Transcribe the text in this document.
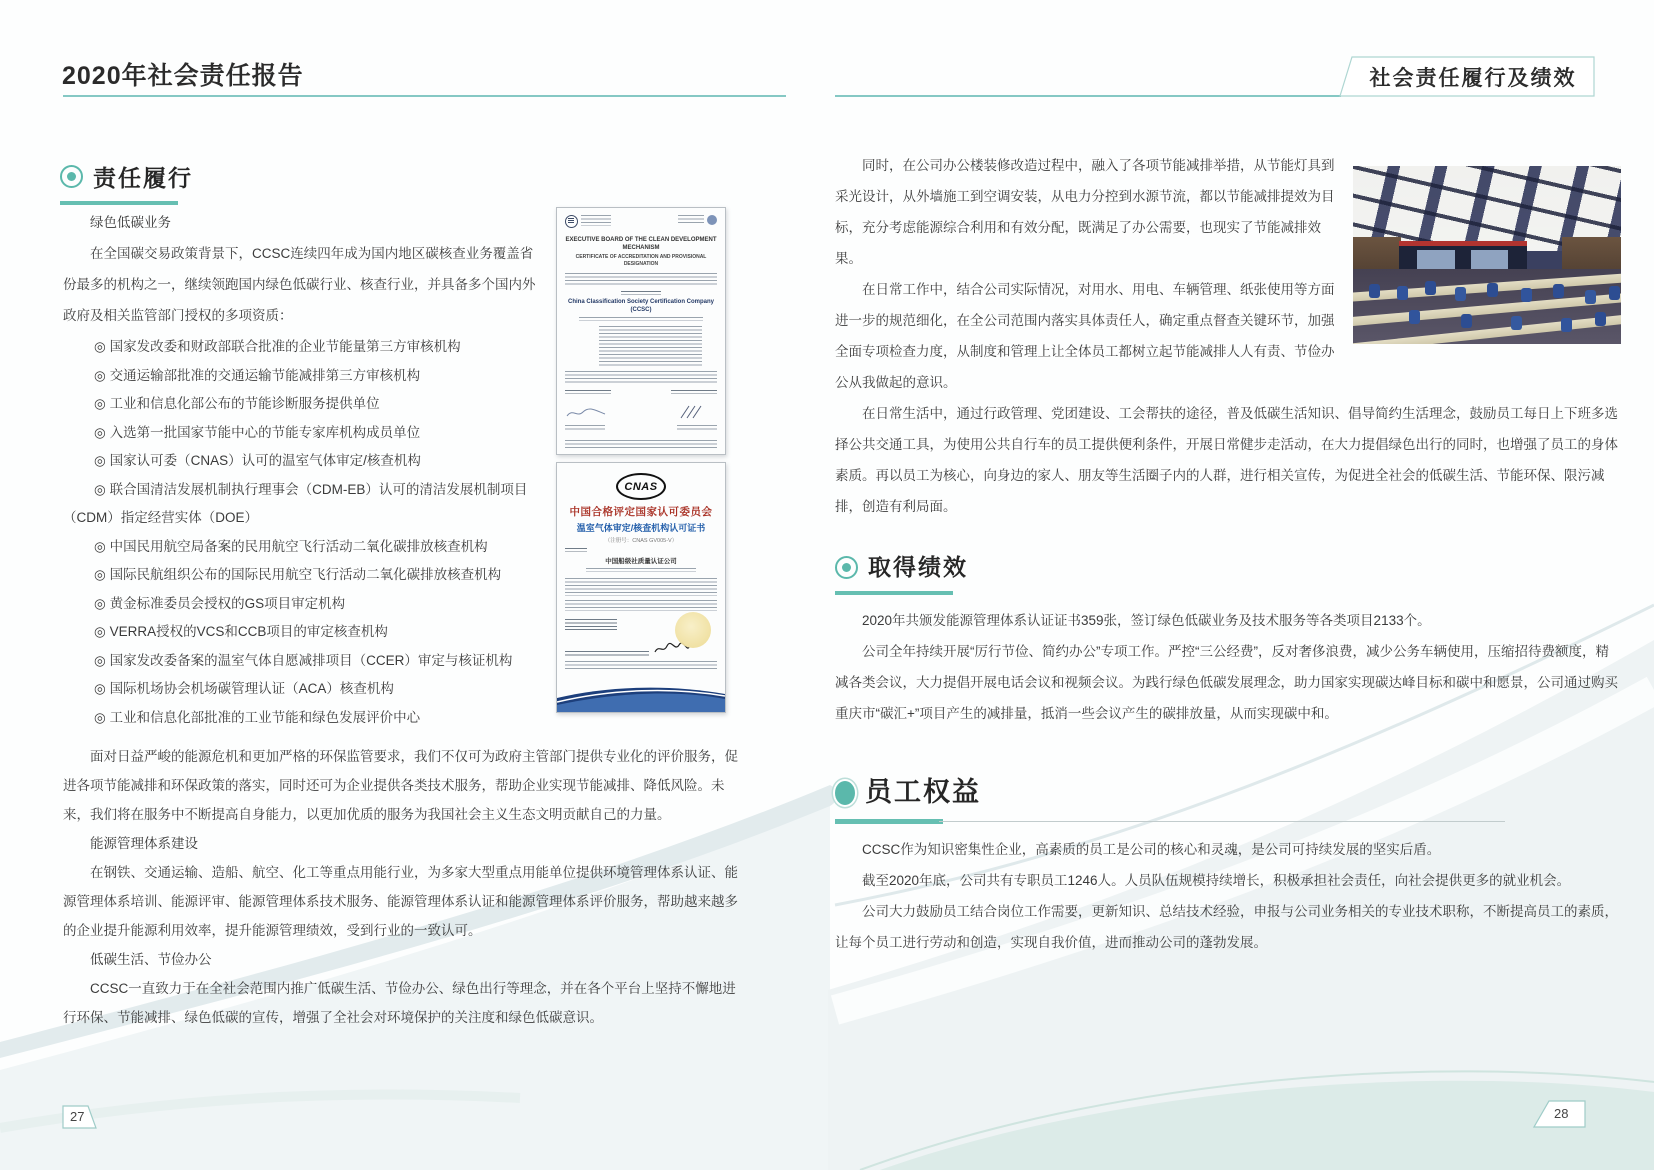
2020年社会责任报告
责任履行
绿色低碳业务

在全国碳交易政策背景下，CCSC连续四年成为国内地区碳核查业务覆盖省份最多的机构之一，继续领跑国内绿色低碳行业、核查行业，并具备多个国内外政府及相关监管部门授权的多项资质：

◎ 国家发改委和财政部联合批准的企业节能量第三方审核机构
◎ 交通运输部批准的交通运输节能减排第三方审核机构
◎ 工业和信息化部公布的节能诊断服务提供单位
◎ 入选第一批国家节能中心的节能专家库机构成员单位
◎ 国家认可委（CNAS）认可的温室气体审定/核查机构
◎ 联合国清洁发展机制执行理事会（CDM-EB）认可的清洁发展机制项目（CDM）指定经营实体（DOE）
◎ 中国民用航空局备案的民用航空飞行活动二氧化碳排放核查机构
◎ 国际民航组织公布的国际民用航空飞行活动二氧化碳排放核查机构
◎ 黄金标准委员会授权的GS项目审定机构
◎ VERRA授权的VCS和CCB项目的审定核查机构
◎ 国家发改委备案的温室气体自愿减排项目（CCER）审定与核证机构
◎ 国际机场协会机场碳管理认证（ACA）核查机构
◎ 工业和信息化部批准的工业节能和绿色发展评价中心

面对日益严峻的能源危机和更加严格的环保监管要求，我们不仅可为政府主管部门提供专业化的评价服务，促进各项节能减排和环保政策的落实，同时还可为企业提供各类技术服务，帮助企业实现节能减排、降低风险。未来，我们将在服务中不断提高自身能力，以更加优质的服务为我国社会主义生态文明贡献自己的力量。

能源管理体系建设

在钢铁、交通运输、造船、航空、化工等重点用能行业，为多家大型重点用能单位提供环境管理体系认证、能源管理体系培训、能源评审、能源管理体系技术服务、能源管理体系认证和能源管理体系评价服务，帮助越来越多的企业提升能源利用效率，提升能源管理绩效，受到行业的一致认可。

低碳生活、节俭办公

CCSC一直致力于在全社会范围内推广低碳生活、节俭办公、绿色出行等理念，并在各个平台上坚持不懈地进行环保、节能减排、绿色低碳的宣传，增强了全社会对环境保护的关注度和绿色低碳意识。

EXECUTIVE BOARD OF THE CLEAN DEVELOPMENT MECHANISM
CERTIFICATE OF ACCREDITATION AND PROVISIONAL DESIGNATION
China Classification Society Certification Company (CCSC)
CNAS
中国合格评定国家认可委员会
温室气体审定/核查机构认可证书
（注册号：CNAS GV005-V）
中国船级社质量认证公司
27
社会责任履行及绩效

同时，在公司办公楼装修改造过程中，融入了各项节能减排举措，从节能灯具到采光设计，从外墙施工到空调安装，从电力分控到水源节流，都以节能减排提效为目标，充分考虑能源综合利用和有效分配，既满足了办公需要，也现实了节能减排效果。

在日常工作中，结合公司实际情况，对用水、用电、车辆管理、纸张使用等方面进一步的规范细化，在全公司范围内落实具体责任人，确定重点督查关键环节，加强全面专项检查力度，从制度和管理上让全体员工都树立起节能减排人人有责、节俭办公从我做起的意识。

在日常生活中，通过行政管理、党团建设、工会帮扶的途径，普及低碳生活知识、倡导简约生活理念，鼓励员工每日上下班多选择公共交通工具，为使用公共自行车的员工提供便利条件，开展日常健步走活动，在大力提倡绿色出行的同时，也增强了员工的身体素质。再以员工为核心，向身边的家人、朋友等生活圈子内的人群，进行相关宣传，为促进全社会的低碳生活、节能环保、限污减排，创造有利局面。

取得绩效

2020年共颁发能源管理体系认证证书359张，签订绿色低碳业务及技术服务等各类项目2133个。

公司全年持续开展“厉行节俭、简约办公”专项工作。严控“三公经费”，反对奢侈浪费，减少公务车辆使用，压缩招待费额度，精减各类会议，大力提倡开展电话会议和视频会议。为践行绿色低碳发展理念，助力国家实现碳达峰目标和碳中和愿景，公司通过购买重庆市“碳汇+”项目产生的减排量，抵消一些会议产生的碳排放量，从而实现碳中和。

员工权益

CCSC作为知识密集性企业，高素质的员工是公司的核心和灵魂，是公司可持续发展的坚实后盾。

截至2020年底，公司共有专职员工1246人。人员队伍规模持续增长，积极承担社会责任，向社会提供更多的就业机会。

公司大力鼓励员工结合岗位工作需要，更新知识、总结技术经验，申报与公司业务相关的专业技术职称，不断提高员工的素质，让每个员工进行劳动和创造，实现自我价值，进而推动公司的蓬勃发展。

28
